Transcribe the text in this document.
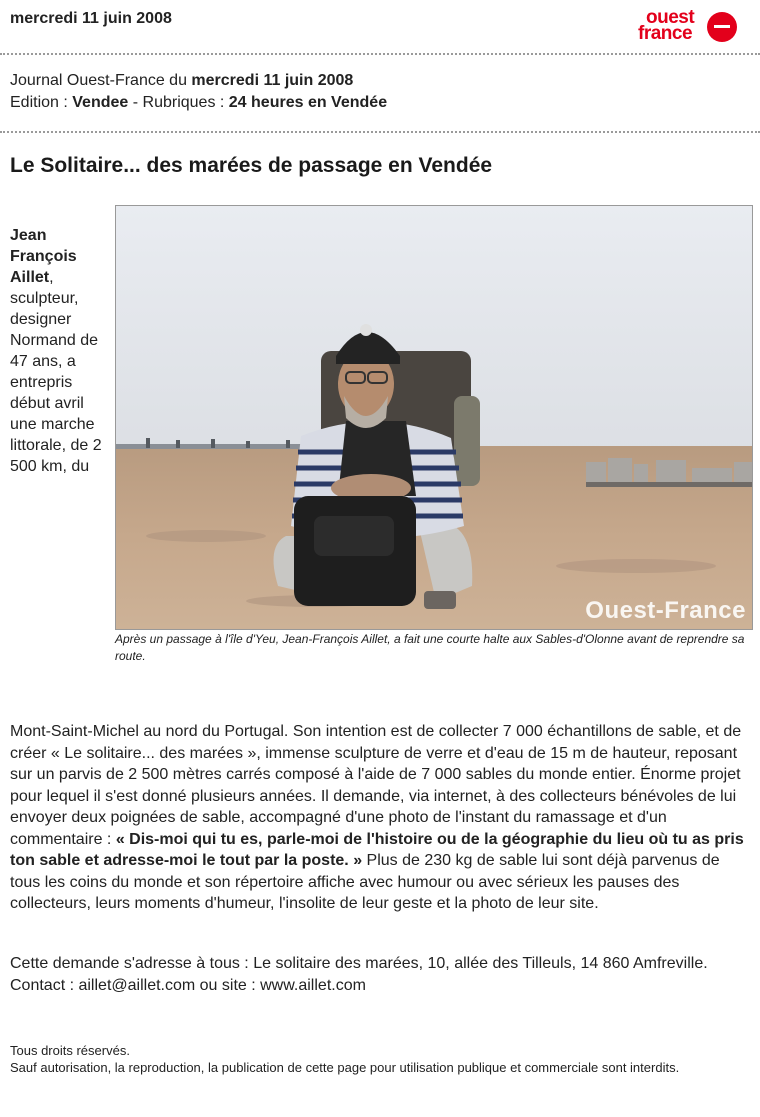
mercredi 11 juin 2008	ouest
france
Journal Ouest-France du mercredi 11 juin 2008
Edition : Vendee - Rubriques : 24 heures en Vendée
Le Solitaire... des marées de passage en Vendée
Jean François Aillet, sculpteur, designer Normand de 47 ans, a entrepris début avril une marche littorale, de 2 500 km, du
Ouest-France
Après un passage à l'île d'Yeu, Jean-François Aillet, a fait une courte halte aux Sables-d'Olonne avant de reprendre sa route.
Mont-Saint-Michel au nord du Portugal. Son intention est de collecter 7 000 échantillons de sable, et de créer « Le solitaire... des marées », immense sculpture de verre et d'eau de 15 m de hauteur, reposant sur un parvis de 2 500 mètres carrés composé à l'aide de 7 000 sables du monde entier. Énorme projet pour lequel il s'est donné plusieurs années. Il demande, via internet, à des collecteurs bénévoles de lui envoyer deux poignées de sable, accompagné d'une photo de l'instant du ramassage et d'un commentaire : « Dis-moi qui tu es, parle-moi de l'histoire ou de la géographie du lieu où tu as pris ton sable et adresse-moi le tout par la poste. » Plus de 230 kg de sable lui sont déjà parvenus de tous les coins du monde et son répertoire affiche avec humour ou avec sérieux les pauses des collecteurs, leurs moments d'humeur, l'insolite de leur geste et la photo de leur site.
Cette demande s'adresse à tous : Le solitaire des marées, 10, allée des Tilleuls, 14 860 Amfreville. Contact : aillet@aillet.com ou site : www.aillet.com
Tous droits réservés.
Sauf autorisation, la reproduction, la publication de cette page pour utilisation publique et commerciale sont interdits.
